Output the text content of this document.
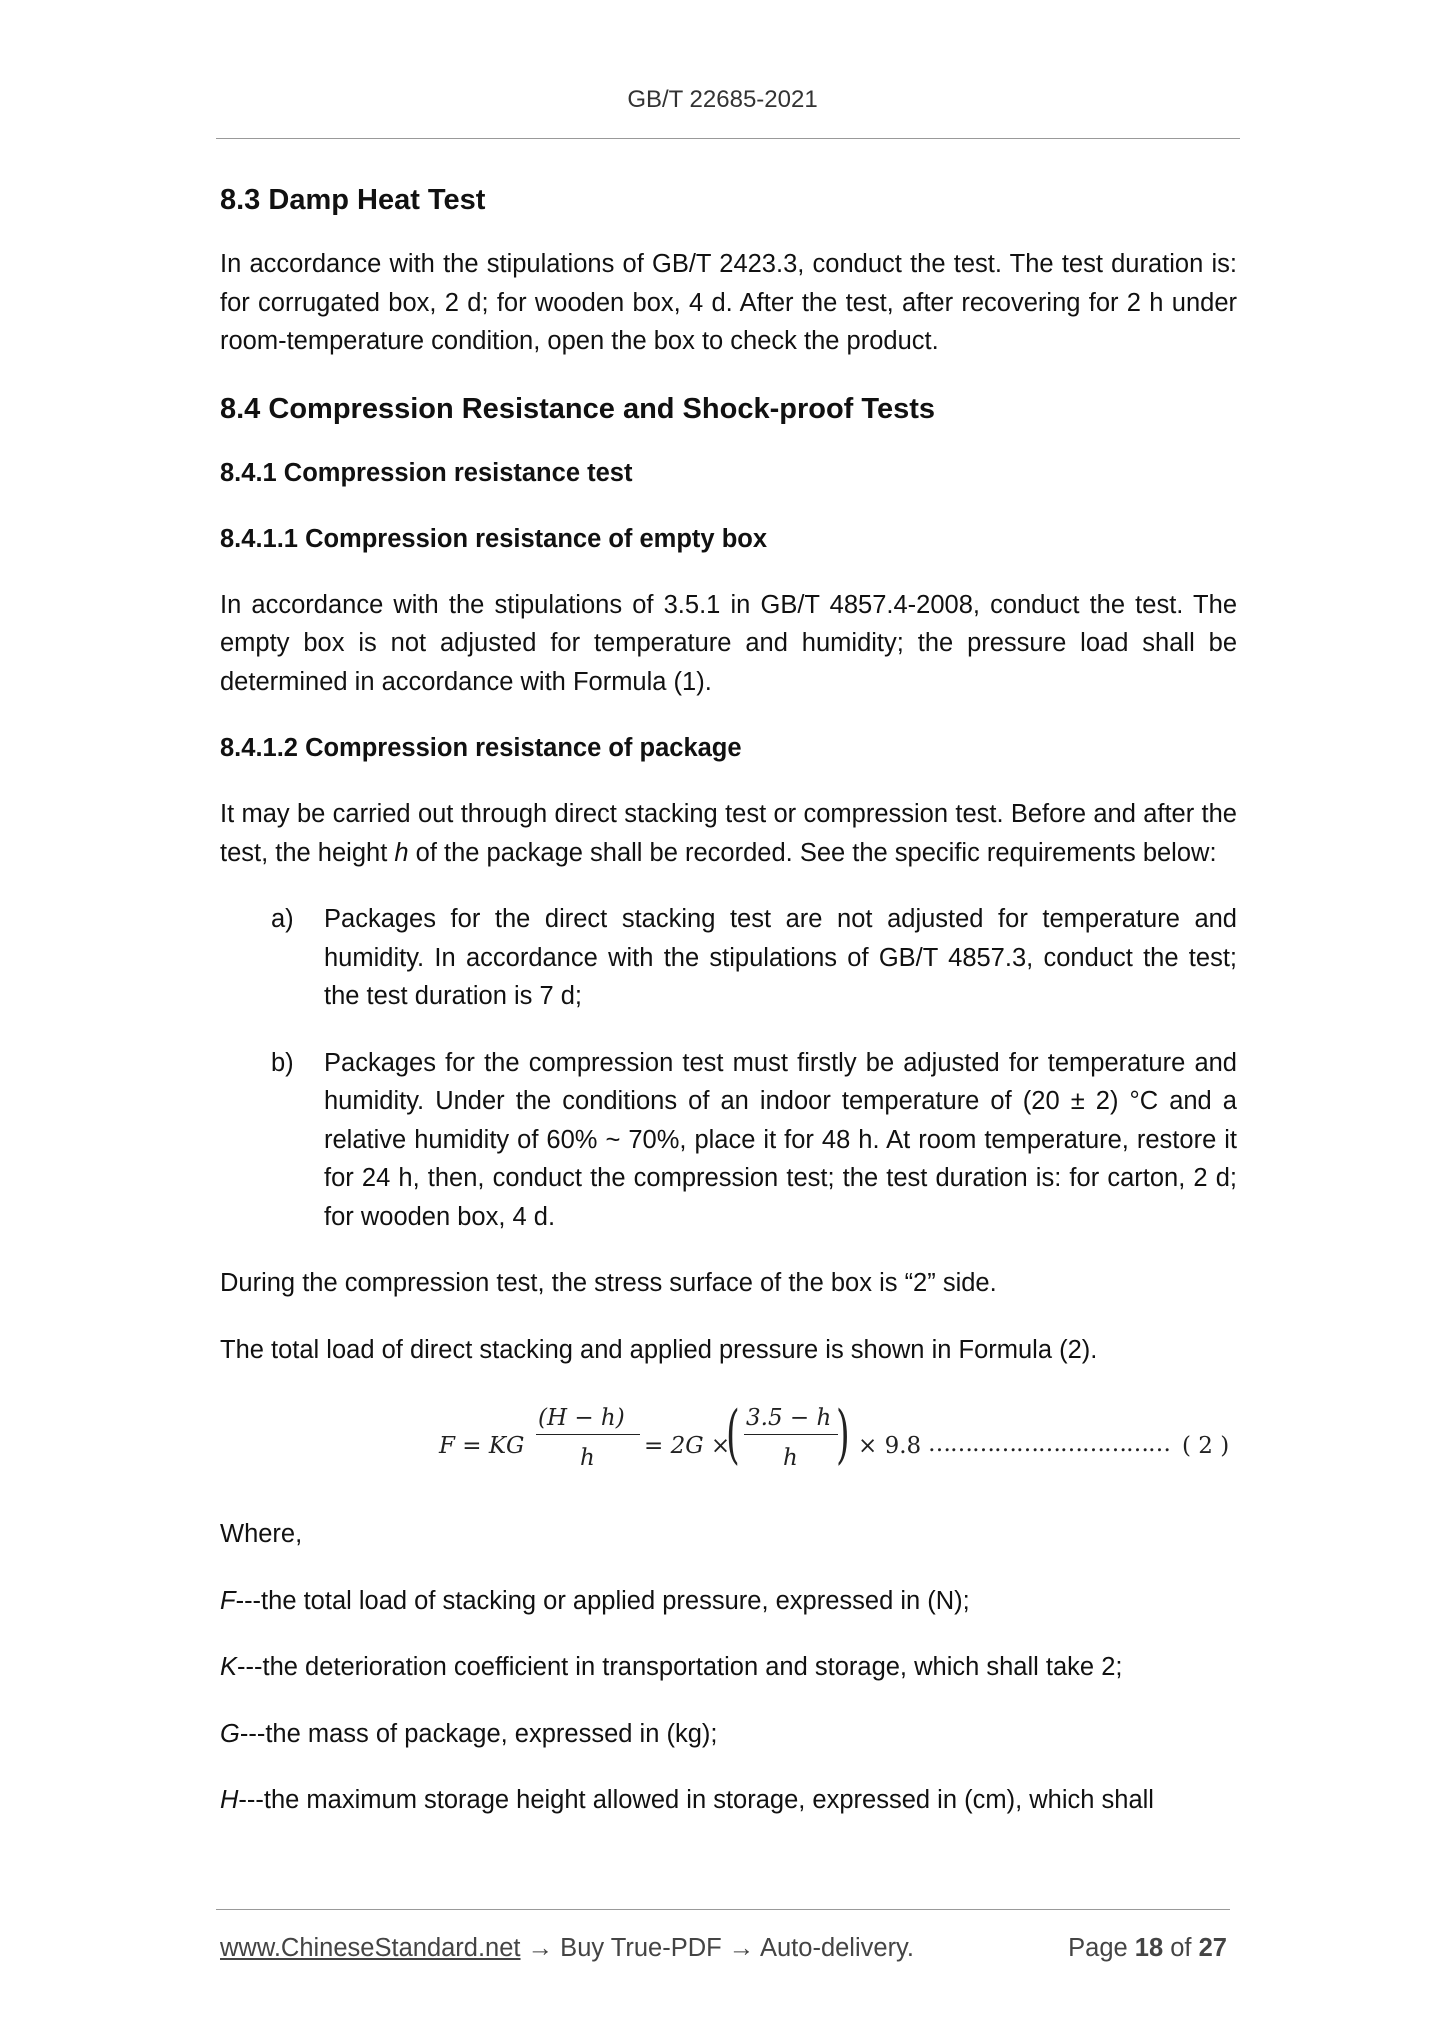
GB/T 22685-2021
8.3 Damp Heat Test
In accordance with the stipulations of GB/T 2423.3, conduct the test. The test duration is: for corrugated box, 2 d; for wooden box, 4 d. After the test, after recovering for 2 h under room-temperature condition, open the box to check the product.
8.4 Compression Resistance and Shock-proof Tests
8.4.1 Compression resistance test
8.4.1.1 Compression resistance of empty box
In accordance with the stipulations of 3.5.1 in GB/T 4857.4-2008, conduct the test. The empty box is not adjusted for temperature and humidity; the pressure load shall be determined in accordance with Formula (1).
8.4.1.2 Compression resistance of package
It may be carried out through direct stacking test or compression test. Before and after the test, the height h of the package shall be recorded. See the specific requirements below:
a) Packages for the direct stacking test are not adjusted for temperature and humidity. In accordance with the stipulations of GB/T 4857.3, conduct the test; the test duration is 7 d;
b) Packages for the compression test must firstly be adjusted for temperature and humidity. Under the conditions of an indoor temperature of (20 ± 2) °C and a relative humidity of 60% ~ 70%, place it for 48 h. At room temperature, restore it for 24 h, then, conduct the compression test; the test duration is: for carton, 2 d; for wooden box, 4 d.
During the compression test, the stress surface of the box is “2” side.
The total load of direct stacking and applied pressure is shown in Formula (2).
F = KG
(H − h)
h = 2G ×
( 3.5 − h
h ) × 9.8 …………………………… ( 2 )
Where,
F---the total load of stacking or applied pressure, expressed in (N);
K---the deterioration coefficient in transportation and storage, which shall take 2;
G---the mass of package, expressed in (kg);
H---the maximum storage height allowed in storage, expressed in (cm), which shall
www.ChineseStandard.net → Buy True-PDF → Auto-delivery.	Page 18 of 27
